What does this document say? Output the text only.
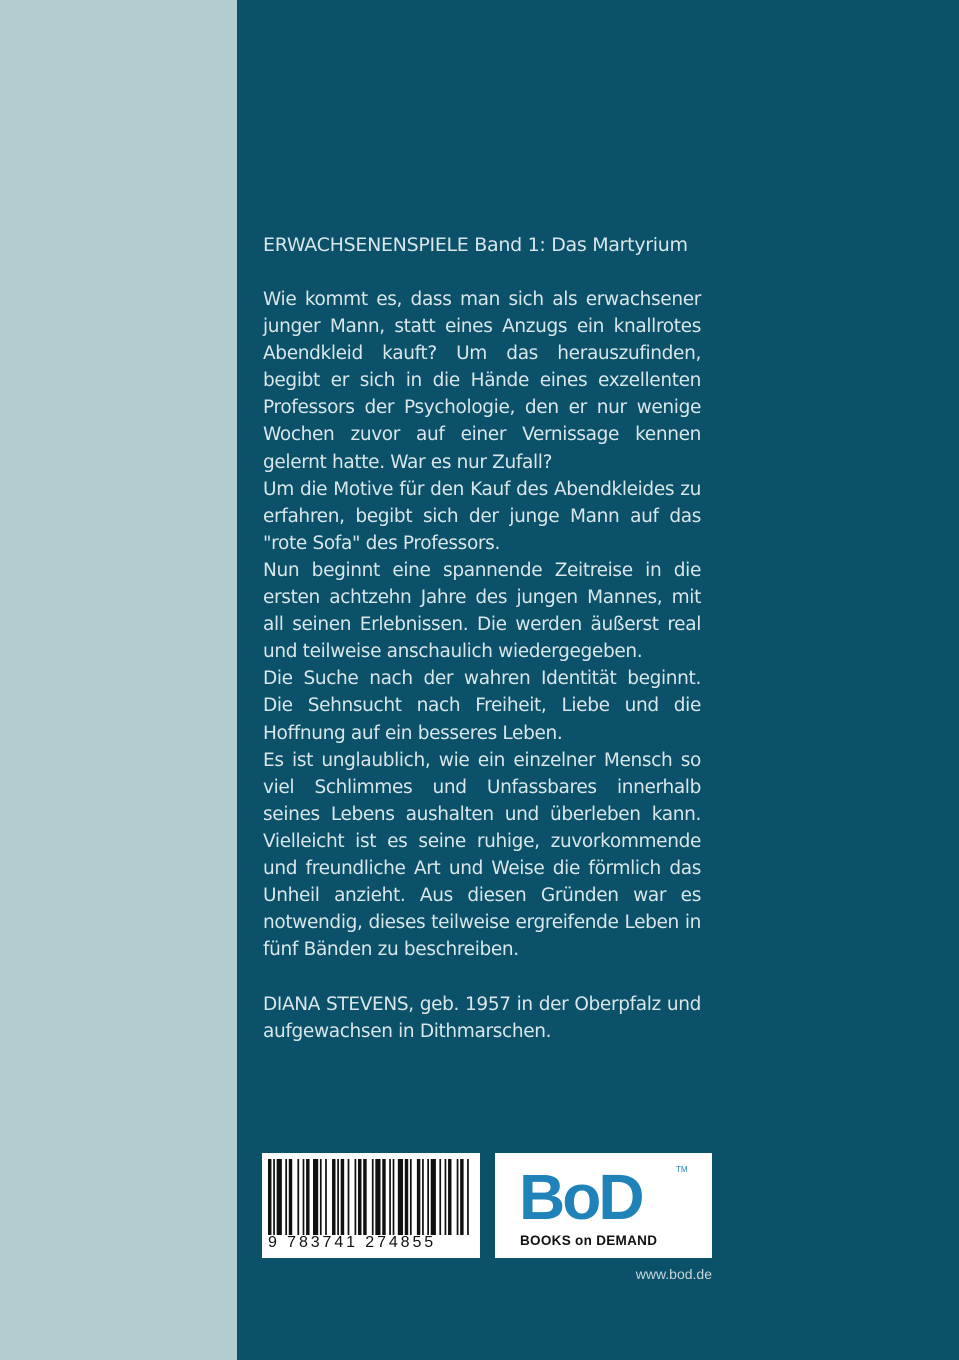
ERWACHSENENSPIELE Band 1: Das Martyrium

Wie kommt es, dass man sich als erwachsener junger Mann, statt eines Anzugs ein knallrotes Abendkleid kauft? Um das herauszufinden, begibt er sich in die Hände eines exzellenten Professors der Psychologie, den er nur wenige Wochen zuvor auf einer Vernissage kennen gelernt hatte. War es nur Zufall?

Um die Motive für den Kauf des Abendkleides zu erfahren, begibt sich der junge Mann auf das "rote Sofa" des Professors.

Nun beginnt eine spannende Zeitreise in die ersten achtzehn Jahre des jungen Mannes, mit all seinen Erlebnissen. Die werden äußerst real und teilweise anschaulich wiedergegeben.

Die Suche nach der wahren Identität beginnt. Die Sehnsucht nach Freiheit, Liebe und die Hoffnung auf ein besseres Leben.

Es ist unglaublich, wie ein einzelner Mensch so viel Schlimmes und Unfassbares innerhalb seines Lebens aushalten und überleben kann. Vielleicht ist es seine ruhige, zuvorkommende und freundliche Art und Weise die förmlich das Unheil anzieht. Aus diesen Gründen war es notwendig, dieses teilweise ergreifende Leben in fünf Bänden zu beschreiben.

DIANA STEVENS, geb. 1957 in der Oberpfalz und aufgewachsen in Dithmarschen.

9 783741 274855
BoD	TM
BOOKS on DEMAND
www.bod.de
